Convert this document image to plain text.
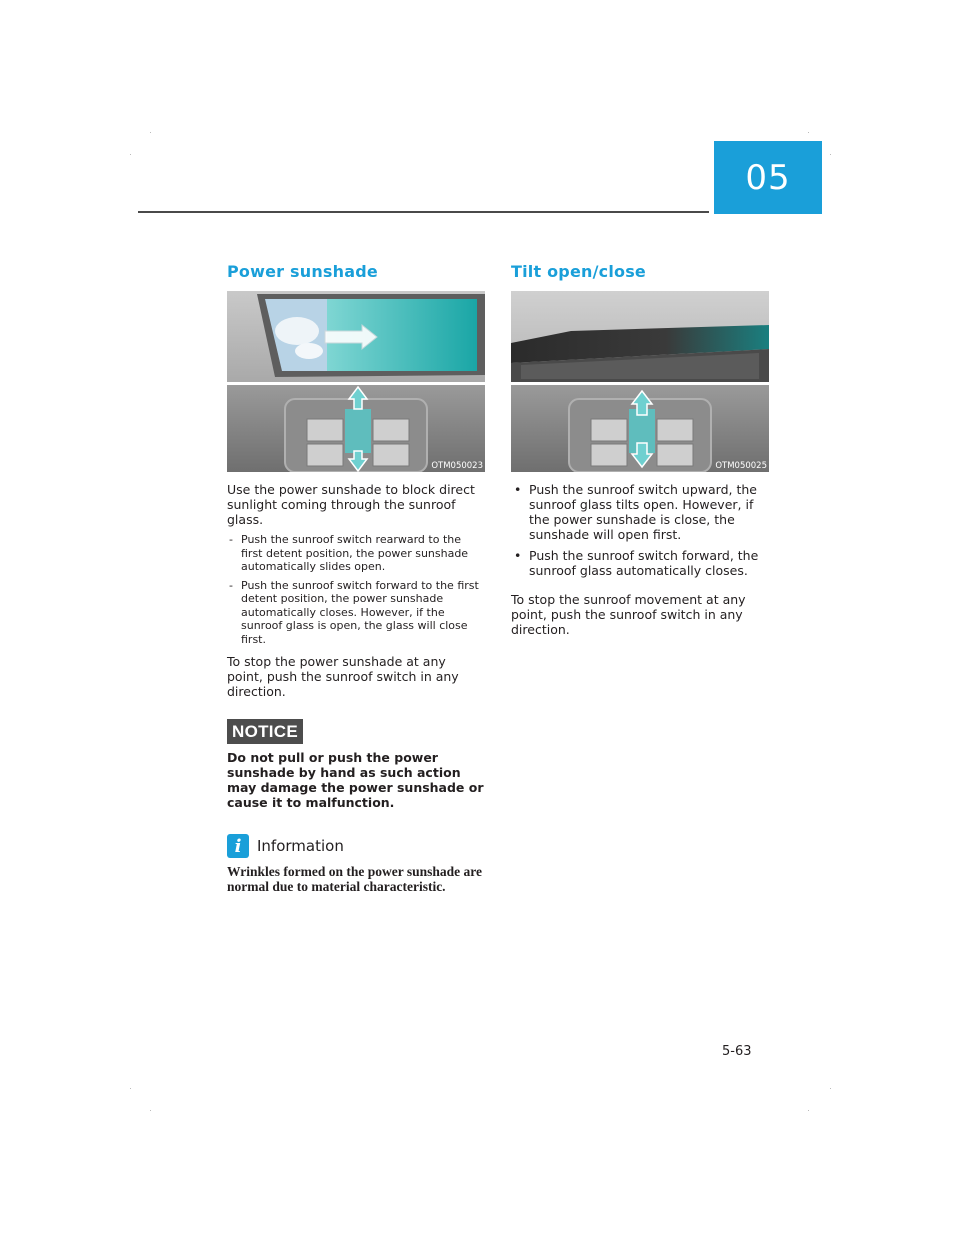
05
Power sunshade
OTM050023

Use the power sunshade to block direct sunlight coming through the sunroof glass.

- Push the sunroof switch rearward to the first detent position, the power sunshade automatically slides open.
- Push the sunroof switch forward to the first detent position, the power sunshade automatically closes. However, if the sunroof glass is open, the glass will close first.

To stop the power sunshade at any point, push the sunroof switch in any direction.

NOTICE

Do not pull or push the power sunshade by hand as such action may damage the power sunshade or cause it to malfunction.

i	Information

Wrinkles formed on the power sunshade are normal due to material characteristic.

Tilt open/close
OTM050025
• Push the sunroof switch upward, the sunroof glass tilts open. However, if the power sunshade is close, the sunshade will open first.
• Push the sunroof switch forward, the sunroof glass automatically closes.

To stop the sunroof movement at any point, push the sunroof switch in any direction.

5-63
